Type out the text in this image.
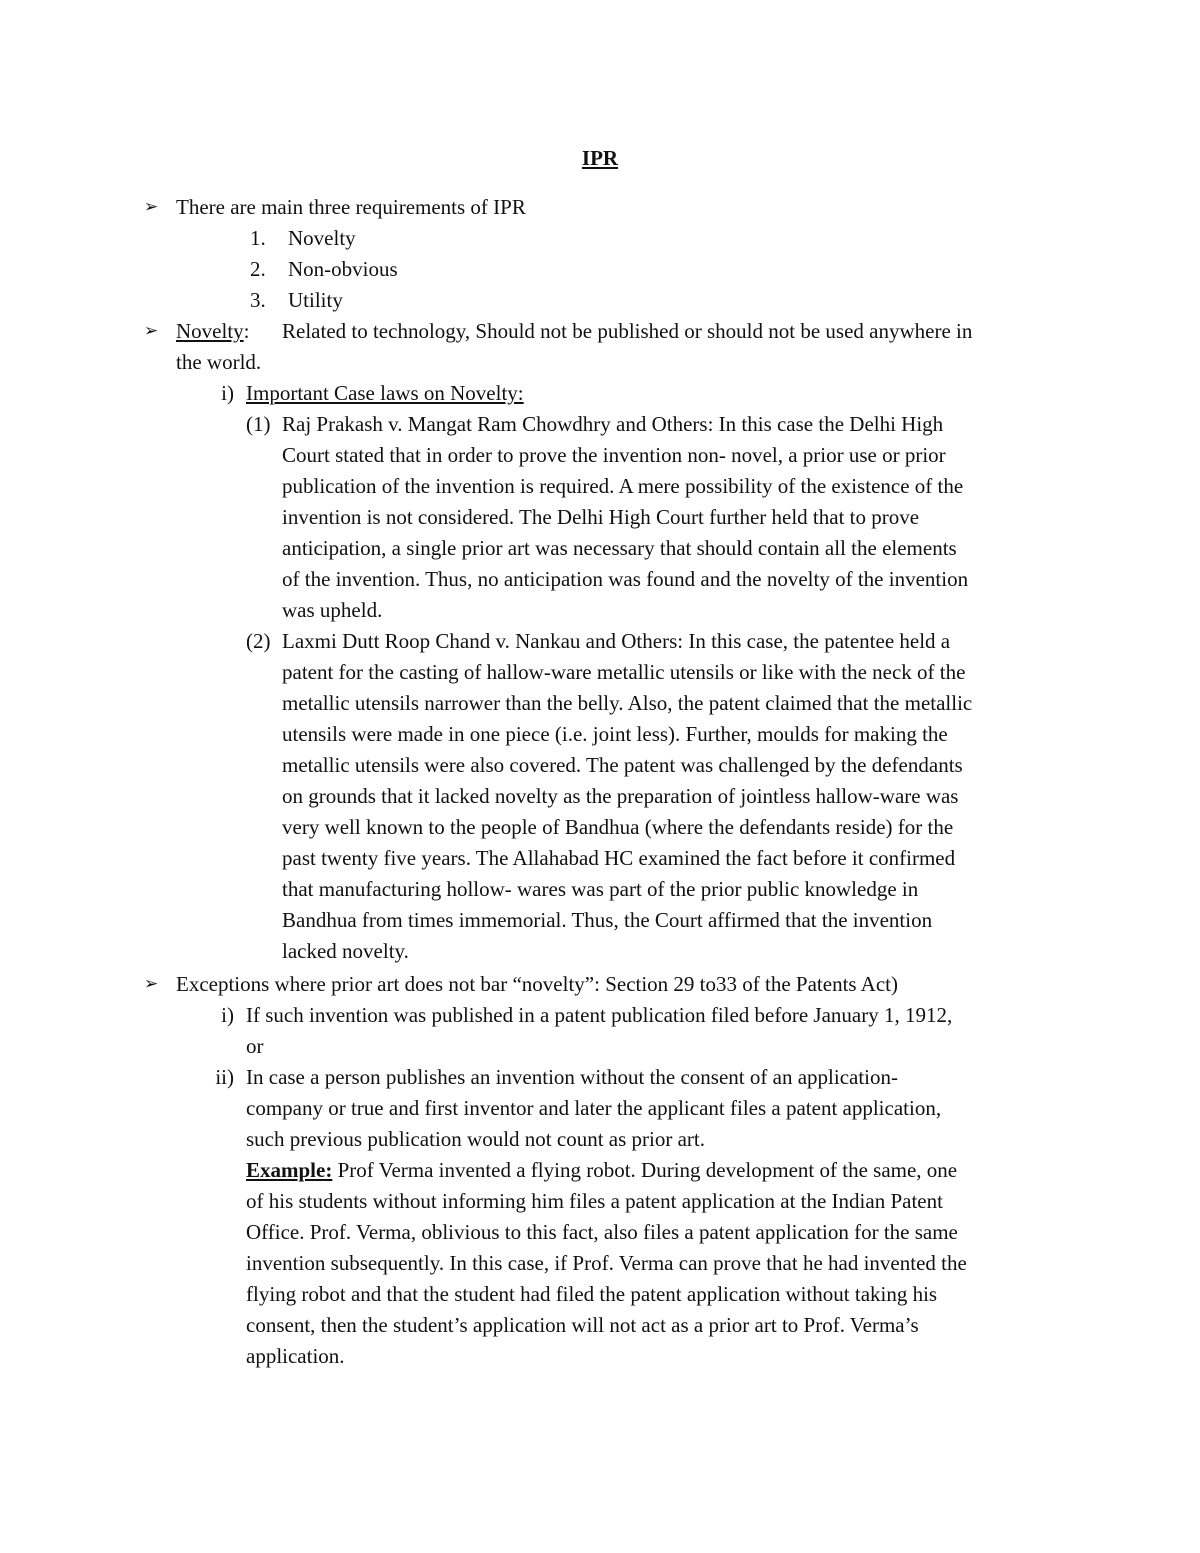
IPR
➢ There are main three requirements of IPR
1. Novelty
2. Non-obvious
3. Utility
➢ Novelty: Related to technology, Should not be published or should not be used anywhere in
the world.
i) Important Case laws on Novelty:
(1) Raj Prakash v. Mangat Ram Chowdhry and Others: In this case the Delhi High
Court stated that in order to prove the invention non- novel, a prior use or prior
publication of the invention is required. A mere possibility of the existence of the
invention is not considered. The Delhi High Court further held that to prove
anticipation, a single prior art was necessary that should contain all the elements
of the invention. Thus, no anticipation was found and the novelty of the invention
was upheld.
(2) Laxmi Dutt Roop Chand v. Nankau and Others: In this case, the patentee held a
patent for the casting of hallow-ware metallic utensils or like with the neck of the
metallic utensils narrower than the belly. Also, the patent claimed that the metallic
utensils were made in one piece (i.e. joint less). Further, moulds for making the
metallic utensils were also covered. The patent was challenged by the defendants
on grounds that it lacked novelty as the preparation of jointless hallow-ware was
very well known to the people of Bandhua (where the defendants reside) for the
past twenty five years. The Allahabad HC examined the fact before it confirmed
that manufacturing hollow- wares was part of the prior public knowledge in
Bandhua from times immemorial. Thus, the Court affirmed that the invention
lacked novelty.
➢ Exceptions where prior art does not bar “novelty”: Section 29 to33 of the Patents Act)
i) If such invention was published in a patent publication filed before January 1, 1912,
or
ii) In case a person publishes an invention without the consent of an application-
company or true and first inventor and later the applicant files a patent application,
such previous publication would not count as prior art.
Example: Prof Verma invented a flying robot. During development of the same, one
of his students without informing him files a patent application at the Indian Patent
Office. Prof. Verma, oblivious to this fact, also files a patent application for the same
invention subsequently. In this case, if Prof. Verma can prove that he had invented the
flying robot and that the student had filed the patent application without taking his
consent, then the student’s application will not act as a prior art to Prof. Verma’s
application.
